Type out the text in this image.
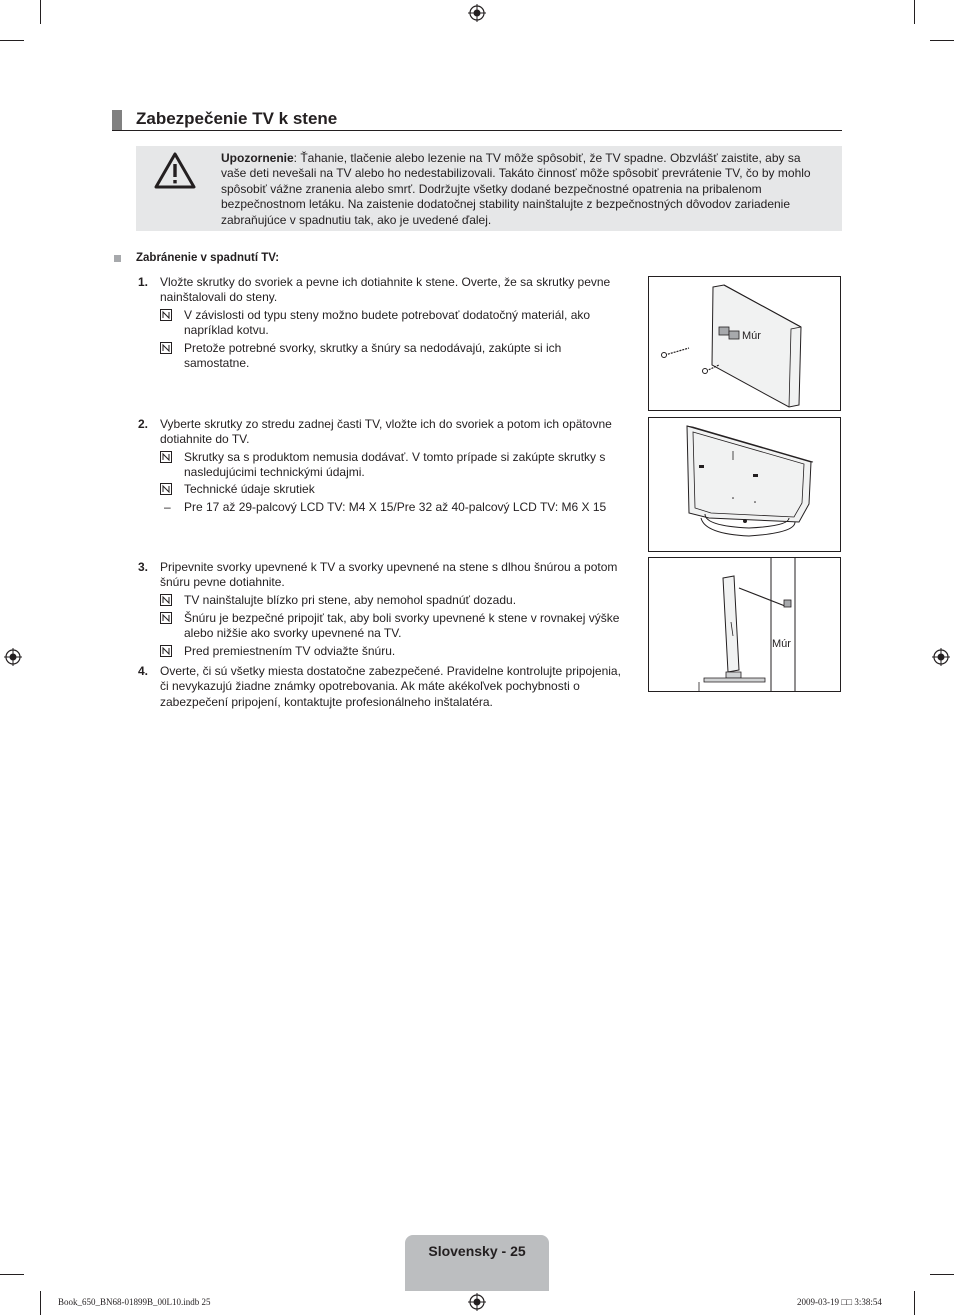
Zabezpečenie TV k stene
Upozornenie: Ťahanie, tlačenie alebo lezenie na TV môže spôsobiť, že TV spadne. Obzvlášť zaistite, aby sa vaše deti nevešali na TV alebo ho nedestabilizovali. Takáto činnosť môže spôsobiť prevrátenie TV, čo by mohlo spôsobiť vážne zranenia alebo smrť. Dodržujte všetky dodané bezpečnostné opatrenia na pribalenom bezpečnostnom letáku. Na zaistenie dodatočnej stability nainštalujte z bezpečnostných dôvodov zariadenie zabraňujúce v spadnutiu tak, ako je uvedené ďalej.
Zabránenie v spadnutí TV:
1. Vložte skrutky do svoriek a pevne ich dotiahnite k stene. Overte, že sa skrutky pevne nainštalovali do steny.
V závislosti od typu steny možno budete potrebovať dodatočný materiál, ako napríklad kotvu.
Pretože potrebné svorky, skrutky a šnúry sa nedodávajú, zakúpte si ich samostatne.
2. Vyberte skrutky zo stredu zadnej časti TV, vložte ich do svoriek a potom ich opätovne dotiahnite do TV.
Skrutky sa s produktom nemusia dodávať. V tomto prípade si zakúpte skrutky s nasledujúcimi technickými údajmi.
Technické údaje skrutiek
– Pre 17 až 29-palcový LCD TV: M4 X 15/Pre 32 až 40-palcový LCD TV: M6 X 15
3. Pripevnite svorky upevnené k TV a svorky upevnené na stene s dlhou šnúrou a potom šnúru pevne dotiahnite.
TV nainštalujte blízko pri stene, aby nemohol spadnúť dozadu.
Šnúru je bezpečné pripojiť tak, aby boli svorky upevnené k stene v rovnakej výške alebo nižšie ako svorky upevnené na TV.
Pred premiestnením TV odviažte šnúru.
4. Overte, či sú všetky miesta dostatočne zabezpečené. Pravidelne kontrolujte pripojenia, či nevykazujú žiadne známky opotrebovania. Ak máte akékoľvek pochybnosti o zabezpečení pripojení, kontaktujte profesionálneho inštalatéra.
Múr
Múr
Slovensky - 25
Book_650_BN68-01899B_00L10.indb 25	2009-03-19 □□ 3:38:54
